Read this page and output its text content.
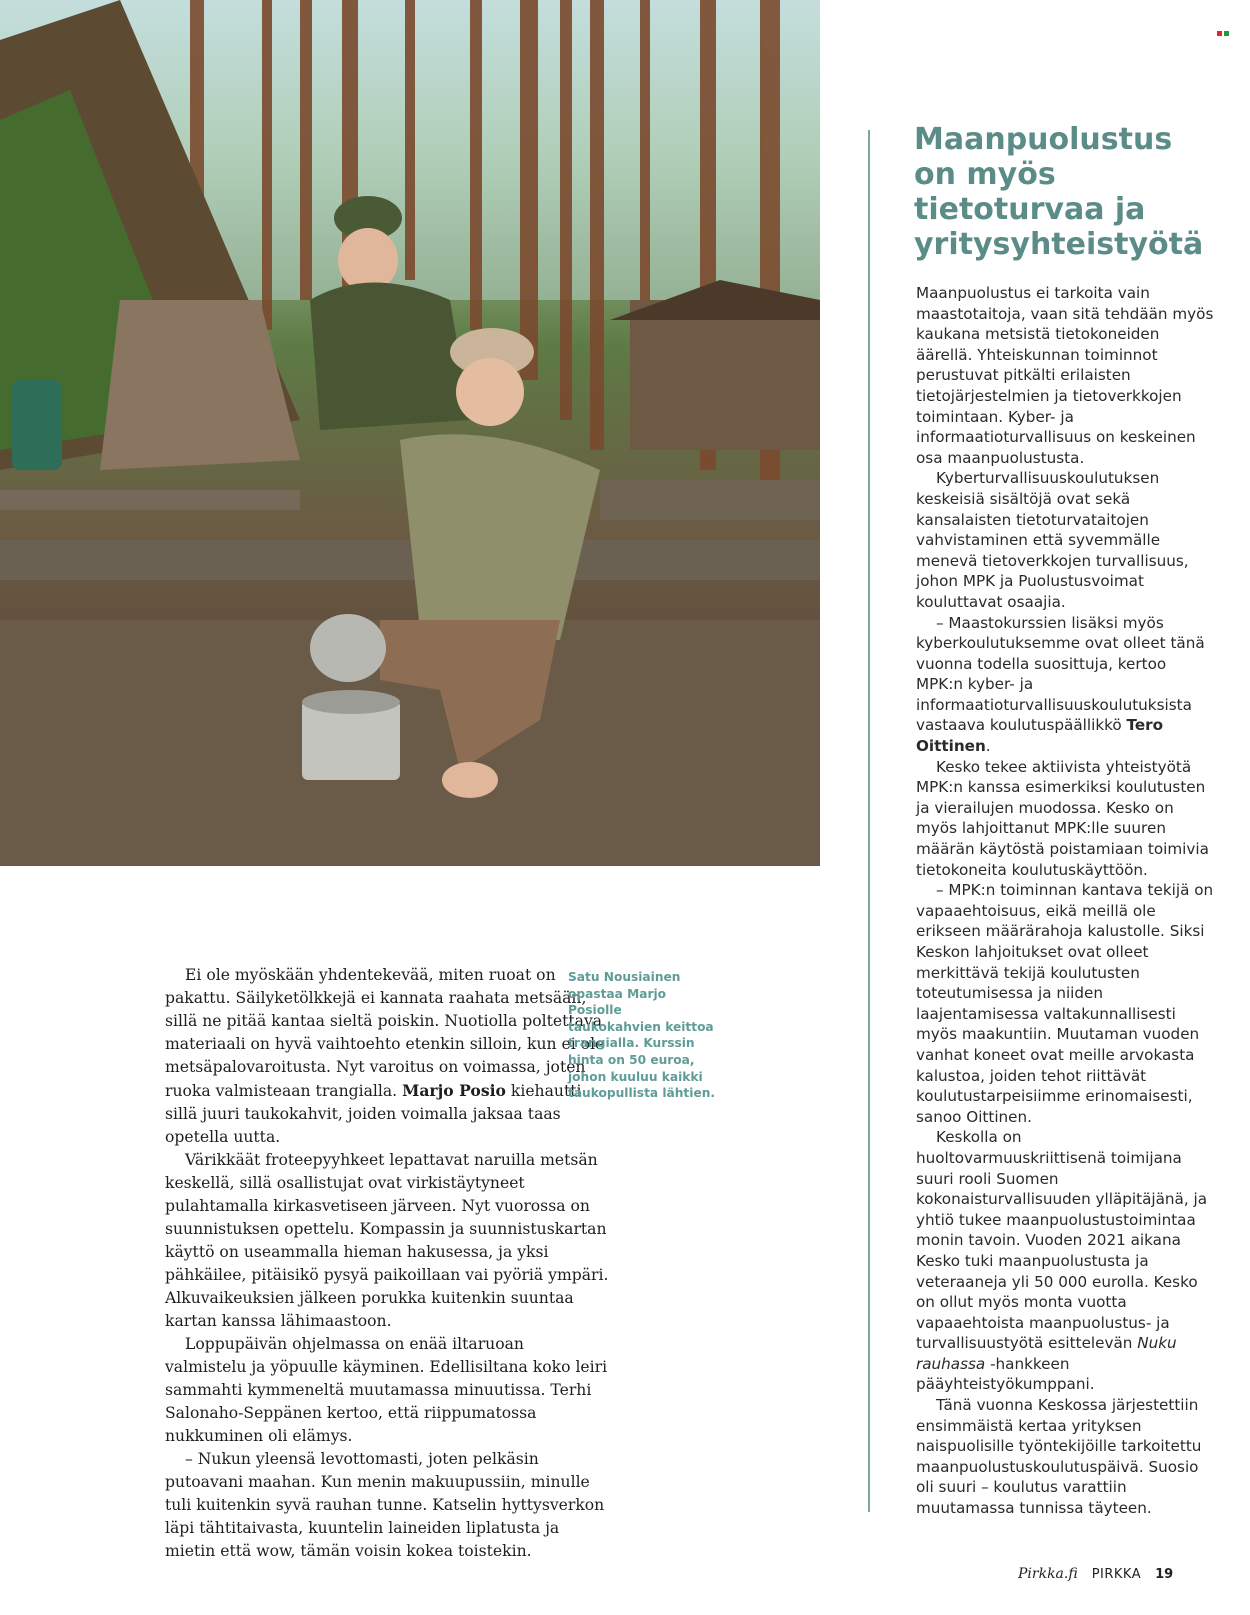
Maanpuolustus on myös tietoturvaa ja yritysyhteistyötä

Maanpuolustus ei tarkoita vain maastotaitoja, vaan sitä tehdään myös kaukana metsistä tietokoneiden äärellä. Yhteiskunnan toiminnot perustuvat pitkälti erilaisten tietojärjestelmien ja tietoverkkojen toimintaan. Kyber- ja informaatioturvallisuus on keskeinen osa maanpuolustusta.

Kyberturvallisuuskoulutuksen keskeisiä sisältöjä ovat sekä kansalaisten tietoturvataitojen vahvistaminen että syvemmälle menevä tietoverkkojen turvallisuus, johon MPK ja Puolustusvoimat kouluttavat osaajia.

– Maastokurssien lisäksi myös kyberkoulutuksemme ovat olleet tänä vuonna todella suosittuja, kertoo MPK:n kyber- ja informaatioturvallisuuskoulutuksista vastaava koulutuspäällikkö Tero Oittinen.

Kesko tekee aktiivista yhteistyötä MPK:n kanssa esimerkiksi koulutusten ja vierailujen muodossa. Kesko on myös lahjoittanut MPK:lle suuren määrän käytöstä poistamiaan toimivia tietokoneita koulutuskäyttöön.

– MPK:n toiminnan kantava tekijä on vapaaehtoisuus, eikä meillä ole erikseen määrärahoja kalustolle. Siksi Keskon lahjoitukset ovat olleet merkittävä tekijä koulutusten toteutumisessa ja niiden laajentamisessa valtakunnallisesti myös maakuntiin. Muutaman vuoden vanhat koneet ovat meille arvokasta kalustoa, joiden tehot riittävät koulutustarpeisiimme erinomaisesti, sanoo Oittinen.

Keskolla on huoltovarmuuskriittisenä toimijana suuri rooli Suomen kokonaisturvallisuuden ylläpitäjänä, ja yhtiö tukee maanpuolustustoimintaa monin tavoin. Vuoden 2021 aikana Kesko tuki maanpuolustusta ja veteraaneja yli 50 000 eurolla. Kesko on ollut myös monta vuotta vapaaehtoista maanpuolustus- ja turvallisuustyötä esittelevän Nuku rauhassa -hankkeen pääyhteistyökumppani.

Tänä vuonna Keskossa järjestettiin ensimmäistä kertaa yrityksen naispuolisille työntekijöille tarkoitettu maanpuolustuskoulutuspäivä. Suosio oli suuri – koulutus varattiin muutamassa tunnissa täyteen.

Ei ole myöskään yhdentekevää, miten ruoat on pakattu. Säilyketölkkejä ei kannata raahata metsään, sillä ne pitää kantaa sieltä poiskin. Nuotiolla poltettava materiaali on hyvä vaihtoehto etenkin silloin, kun ei ole metsäpalovaroitusta. Nyt varoitus on voimassa, joten ruoka valmisteaan trangialla. Marjo Posio kiehautti sillä juuri taukokahvit, joiden voimalla jaksaa taas opetella uutta.

Värikkäät froteepyyhkeet lepattavat naruilla metsän keskellä, sillä osallistujat ovat virkistäytyneet pulahtamalla kirkasvetiseen järveen. Nyt vuorossa on suunnistuksen opettelu. Kompassin ja suunnistuskartan käyttö on useammalla hieman hakusessa, ja yksi pähkäilee, pitäisikö pysyä paikoillaan vai pyöriä ympäri. Alkuvaikeuksien jälkeen porukka kuitenkin suuntaa kartan kanssa lähimaastoon.

Loppupäivän ohjelmassa on enää iltaruoan valmistelu ja yöpuulle käyminen. Edellisiltana koko leiri sammahti kymmeneltä muutamassa minuutissa. Terhi Salonaho-Seppänen kertoo, että riippumatossa nukkuminen oli elämys.

– Nukun yleensä levottomasti, joten pelkäsin putoavani maahan. Kun menin makuupussiin, minulle tuli kuitenkin syvä rauhan tunne. Katselin hyttysverkon läpi tähtitaivasta, kuuntelin laineiden liplatusta ja mietin että wow, tämän voisin kokea toistekin.

Satu Nousiainen opastaa Marjo Posiolle taukokahvien keittoa trangialla. Kurssin hinta on 50 euroa, johon kuuluu kaikki taukopullista lähtien.
Pirkka.fi PIRKKA 19
